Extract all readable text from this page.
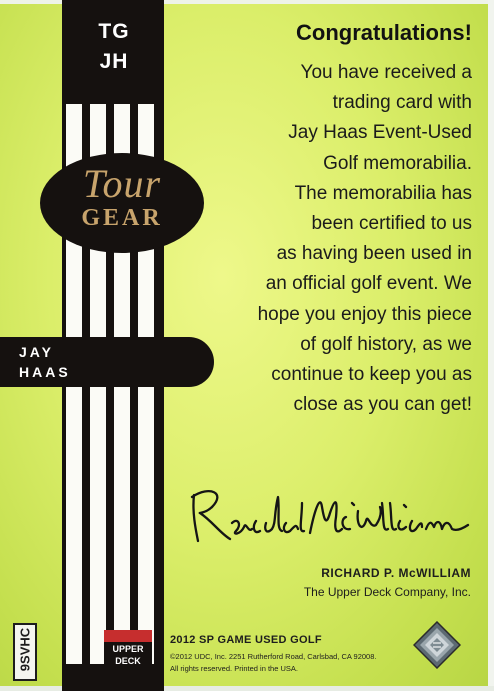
TG
JH
Tour
GEAR
JAY
HAAS
Congratulations!
You have received a
trading card with
Jay Haas Event-Used
Golf memorabilia.
The memorabilia has
been certified to us
as having been used in
an official golf event. We
hope you enjoy this piece
of golf history, as we
continue to keep you as
close as you can get!
RICHARD P. McWILLIAM
The Upper Deck Company, Inc.
9SVHC	UPPER
DECK
2012 SP GAME USED GOLF
©2012 UDC, Inc. 2251 Rutherford Road, Carlsbad, CA 92008.
All rights reserved. Printed in the USA.
